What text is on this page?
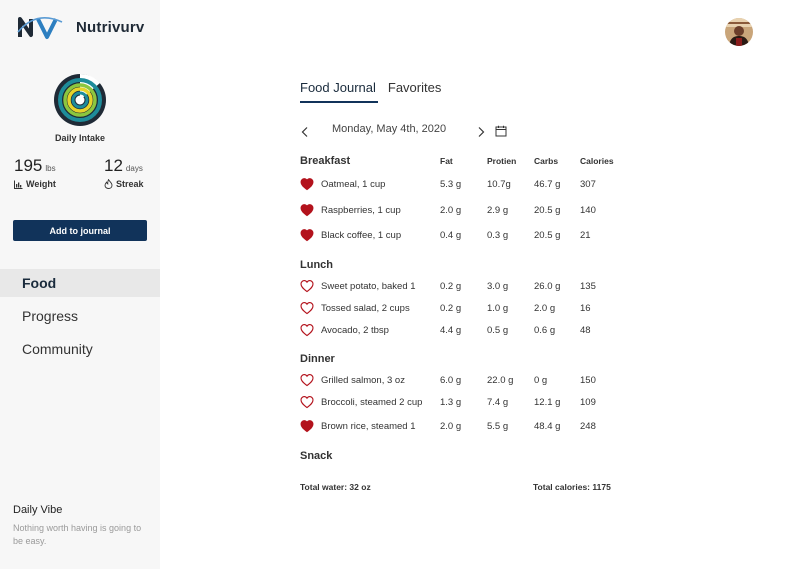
Nutrivurv
Daily Intake
195 lbs
Weight
12 days
Streak
Add to journal
Food
Progress
Community
Daily Vibe
Nothing worth having is going to be easy.
Food Journal Favorites
Monday, May 4th, 2020
Breakfast	Fat	Protien Carbs	Calories
Oatmeal, 1 cup	5.3 g	10.7g 46.7 g 307
Raspberries, 1 cup	2.0 g	2.9 g	20.5 g 140
Black coffee, 1 cup	0.4 g	0.3 g	20.5 g 21
Lunch
Sweet potato, baked 1	0.2 g	3.0 g	26.0 g 135
Tossed salad, 2 cups	0.2 g	1.0 g	2.0 g	16
Avocado, 2 tbsp	4.4 g	0.5 g	0.6 g	48
Dinner
Grilled salmon, 3 oz	6.0 g	22.0 g 0 g	150
Broccoli, steamed 2 cup 1.3 g	7.4 g	12.1 g 109
Brown rice, steamed 1	2.0 g	5.5 g	48.4 g 248
Snack
Total water: 32 oz	Total calories: 1175
